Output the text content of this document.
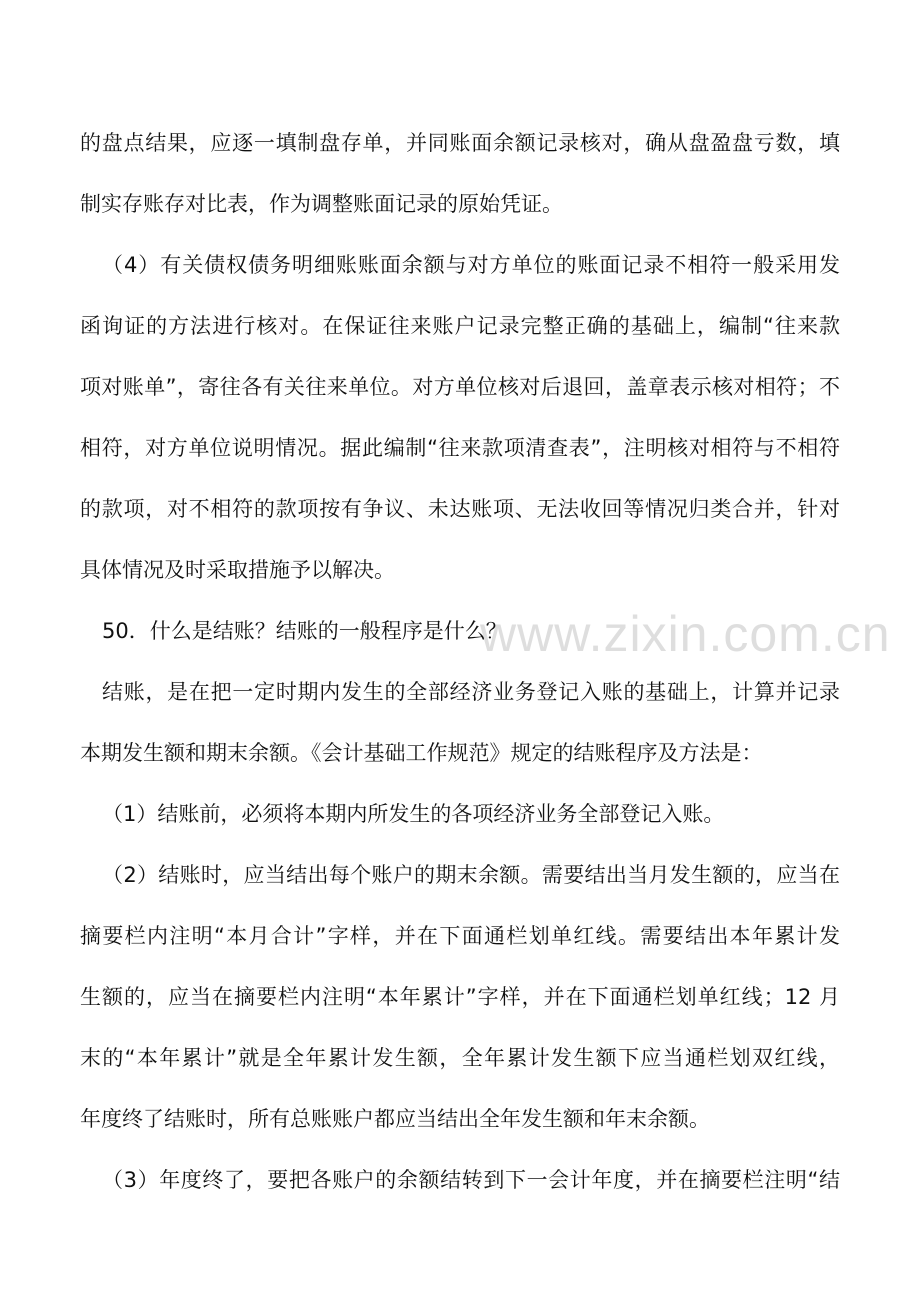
www.zixin.com.cn
的盘点结果，应逐一填制盘存单，并同账面余额记录核对，确从盘盈盘亏数，填
制实存账存对比表，作为调整账面记录的原始凭证。
（4）有关债权债务明细账账面余额与对方单位的账面记录不相符一般采用发
函询证的方法进行核对。在保证往来账户记录完整正确的基础上，编制“往来款
项对账单”，寄往各有关往来单位。对方单位核对后退回，盖章表示核对相符；不
相符，对方单位说明情况。据此编制“往来款项清查表”，注明核对相符与不相符
的款项，对不相符的款项按有争议、未达账项、无法收回等情况归类合并，针对
具体情况及时采取措施予以解决。
50．什么是结账？结账的一般程序是什么？
结账，是在把一定时期内发生的全部经济业务登记入账的基础上，计算并记录
本期发生额和期末余额。《会计基础工作规范》规定的结账程序及方法是：
（1）结账前，必须将本期内所发生的各项经济业务全部登记入账。
（2）结账时，应当结出每个账户的期末余额。需要结出当月发生额的，应当在
摘要栏内注明“本月合计”字样，并在下面通栏划单红线。需要结出本年累计发
生额的，应当在摘要栏内注明“本年累计”字样，并在下面通栏划单红线；12 月
末的“本年累计”就是全年累计发生额，全年累计发生额下应当通栏划双红线，
年度终了结账时，所有总账账户都应当结出全年发生额和年末余额。
（3）年度终了，要把各账户的余额结转到下一会计年度，并在摘要栏注明“结
